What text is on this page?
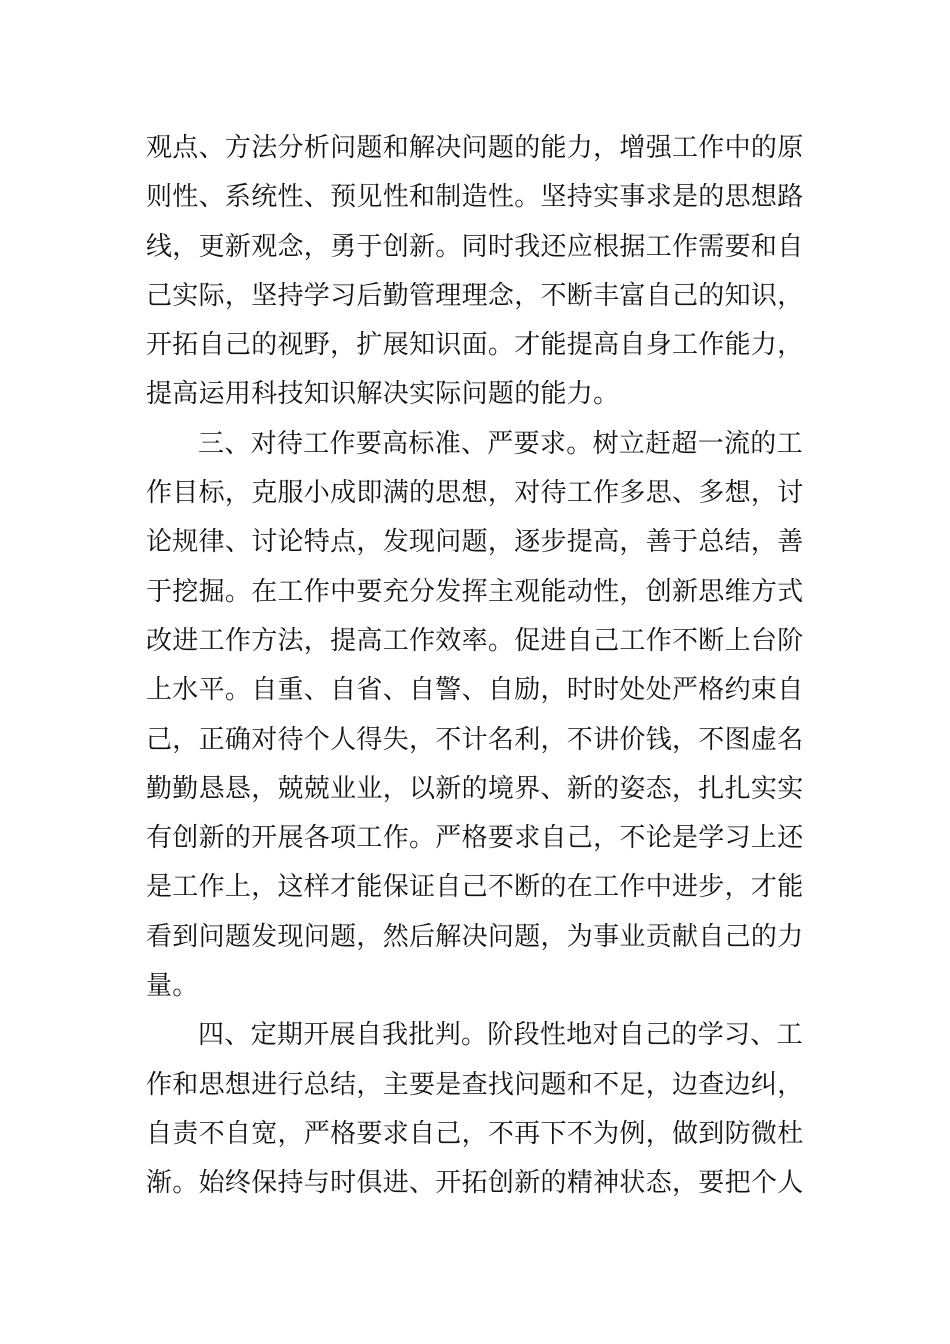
观点、方法分析问题和解决问题的能力，增强工作中的原
则性、系统性、预见性和制造性。坚持实事求是的思想路
线，更新观念，勇于创新。同时我还应根据工作需要和自
己实际，坚持学习后勤管理理念，不断丰富自己的知识，
开拓自己的视野，扩展知识面。才能提高自身工作能力，
提高运用科技知识解决实际问题的能力。
三、对待工作要高标准、严要求。树立赶超一流的工
作目标，克服小成即满的思想，对待工作多思、多想，讨
论规律、讨论特点，发现问题，逐步提高，善于总结，善
于挖掘。在工作中要充分发挥主观能动性，创新思维方式
改进工作方法，提高工作效率。促进自己工作不断上台阶
上水平。自重、自省、自警、自励，时时处处严格约束自
己，正确对待个人得失，不计名利，不讲价钱，不图虚名
勤勤恳恳，兢兢业业，以新的境界、新的姿态，扎扎实实
有创新的开展各项工作。严格要求自己，不论是学习上还
是工作上，这样才能保证自己不断的在工作中进步，才能
看到问题发现问题，然后解决问题，为事业贡献自己的力
量。
四、定期开展自我批判。阶段性地对自己的学习、工
作和思想进行总结，主要是查找问题和不足，边查边纠，
自责不自宽，严格要求自己，不再下不为例，做到防微杜
渐。始终保持与时俱进、开拓创新的精神状态，要把个人
